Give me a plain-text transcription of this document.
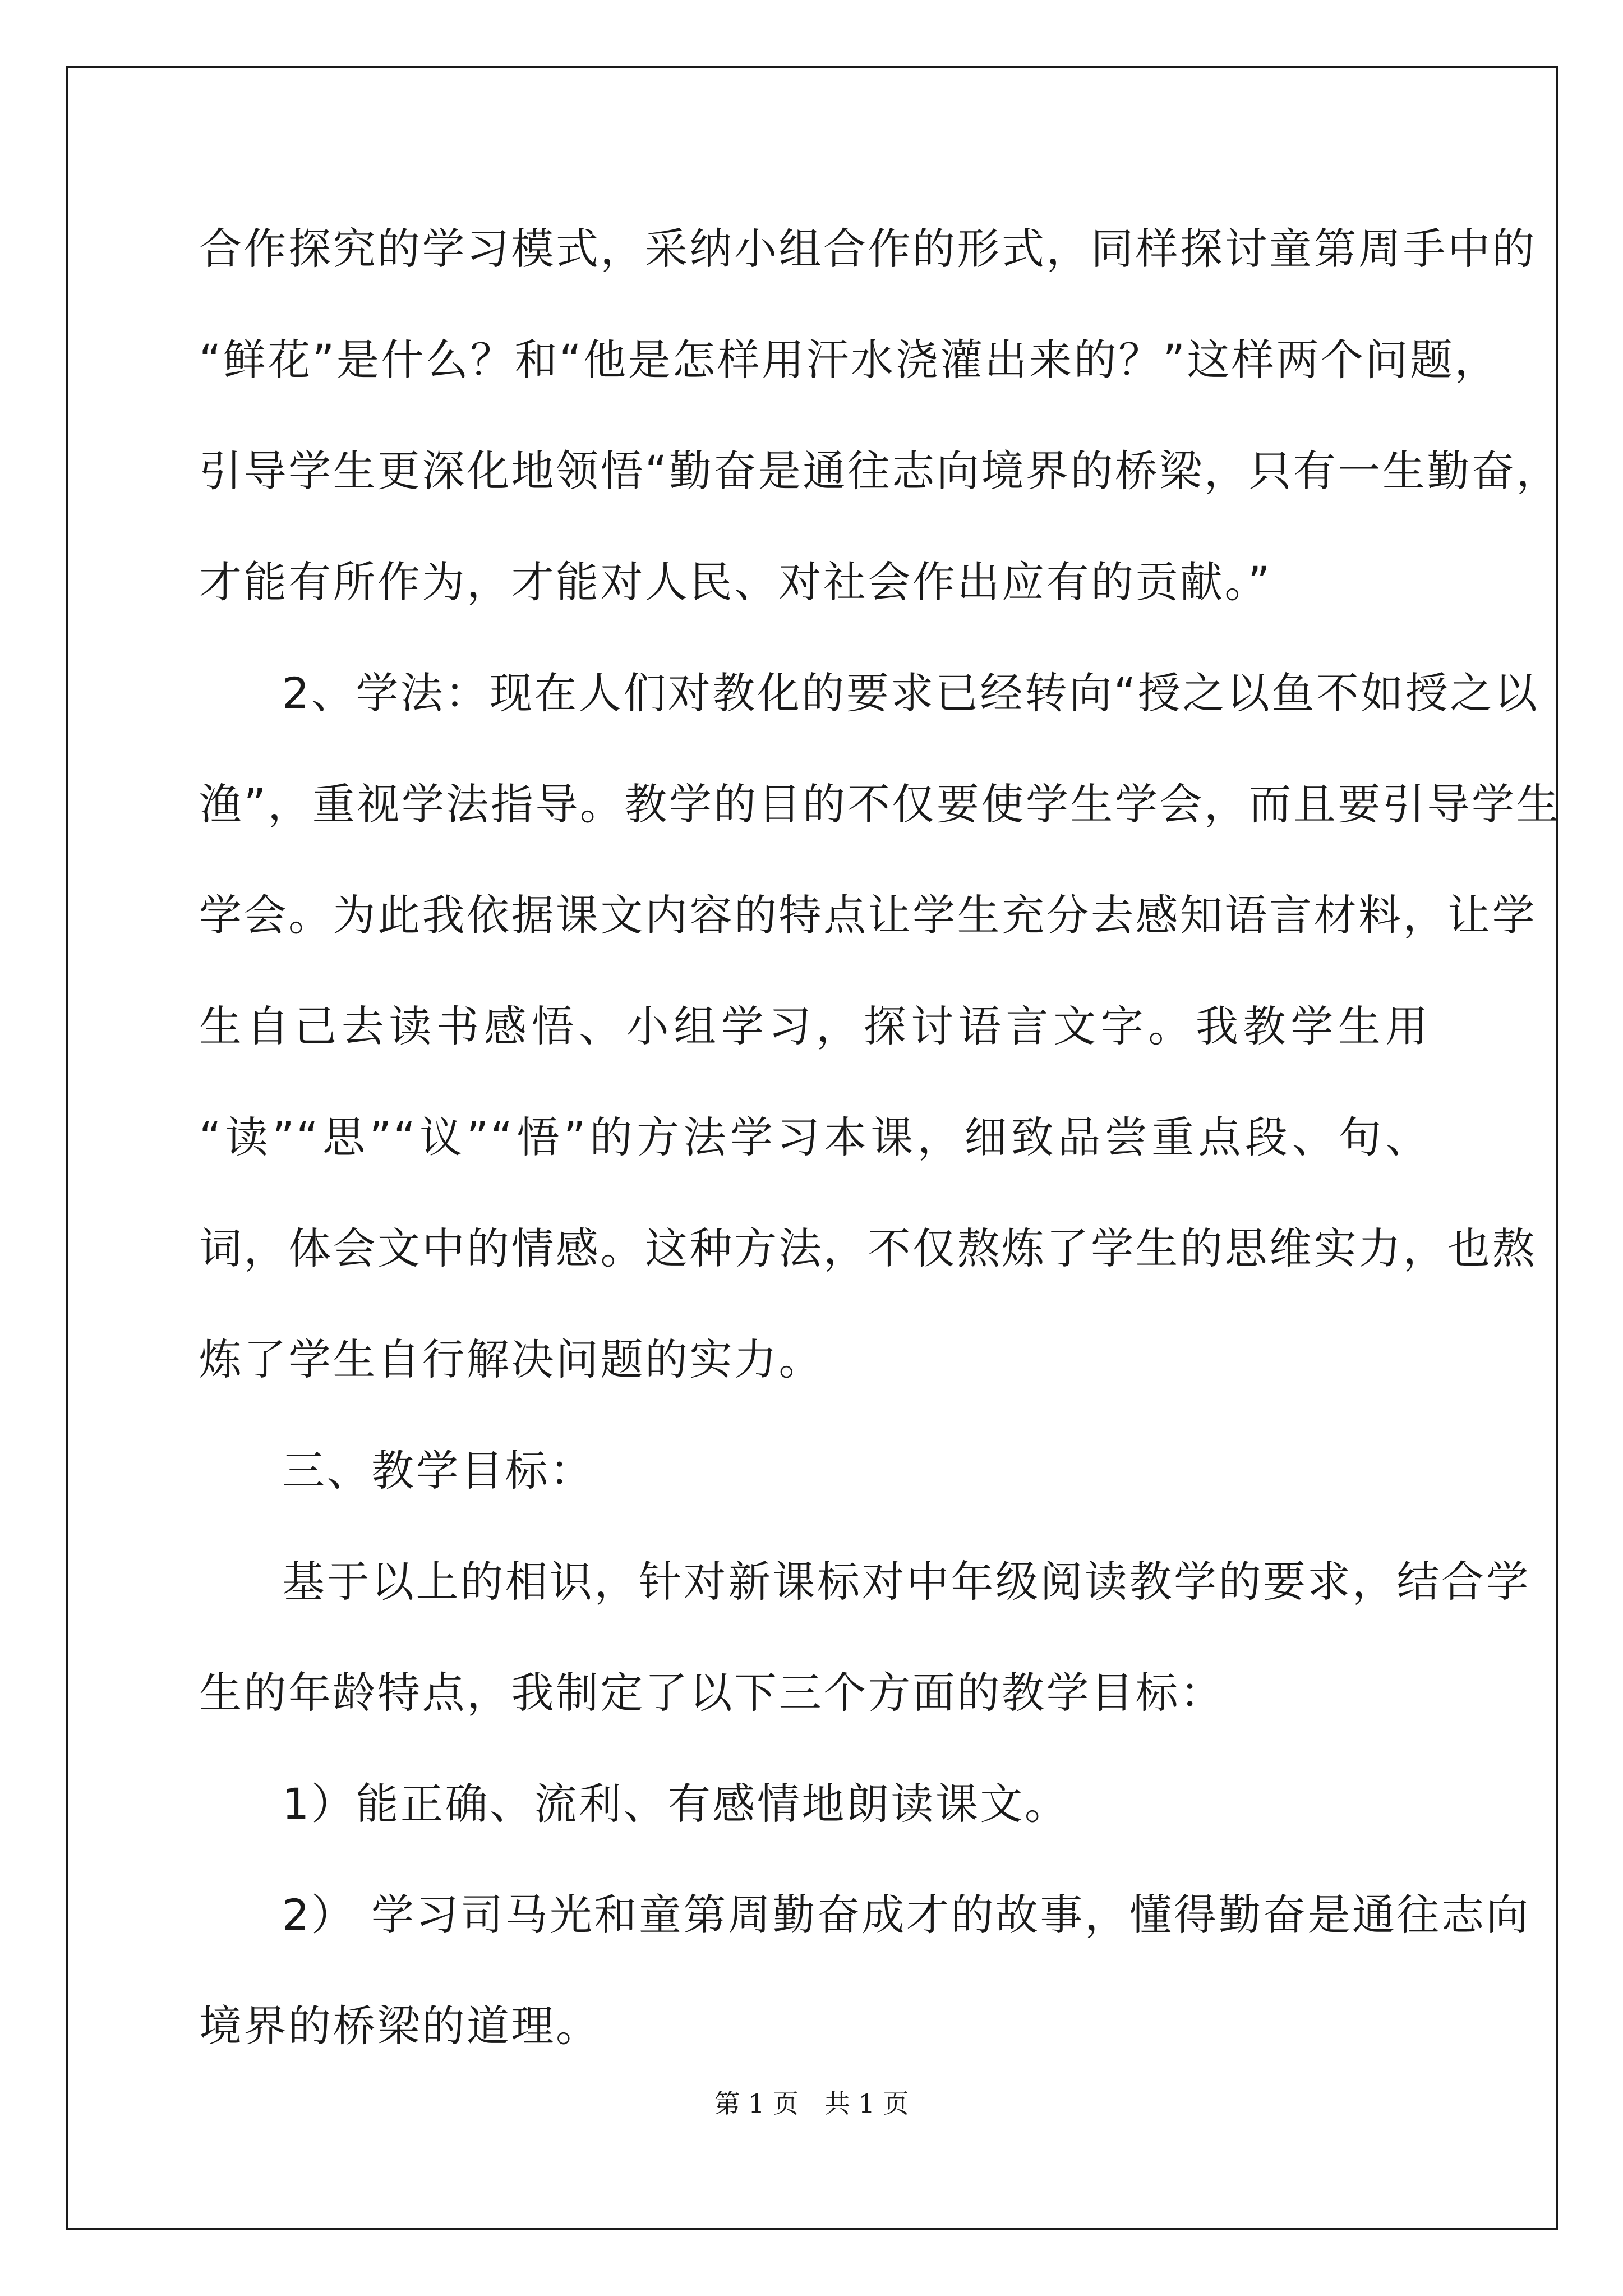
合作探究的学习模式，采纳小组合作的形式，同样探讨童第周手中的
“鲜花”是什么？和“他是怎样用汗水浇灌出来的？”这样两个问题，
引导学生更深化地领悟“勤奋是通往志向境界的桥梁，只有一生勤奋，
才能有所作为，才能对人民、对社会作出应有的贡献。”
2、学法：现在人们对教化的要求已经转向“授之以鱼不如授之以
渔”，重视学法指导。教学的目的不仅要使学生学会，而且要引导学生
学会。为此我依据课文内容的特点让学生充分去感知语言材料，让学
生自己去读书感悟、小组学习，探讨语言文字。我教学生用
“读”“思”“议”“悟”的方法学习本课，细致品尝重点段、句、
词，体会文中的情感。这种方法，不仅熬炼了学生的思维实力，也熬
炼了学生自行解决问题的实力。
三、教学目标：
基于以上的相识，针对新课标对中年级阅读教学的要求，结合学
生的年龄特点，我制定了以下三个方面的教学目标：
1）能正确、流利、有感情地朗读课文。
2） 学习司马光和童第周勤奋成才的故事，懂得勤奋是通往志向
境界的桥梁的道理。
第 1 页 共 1 页
